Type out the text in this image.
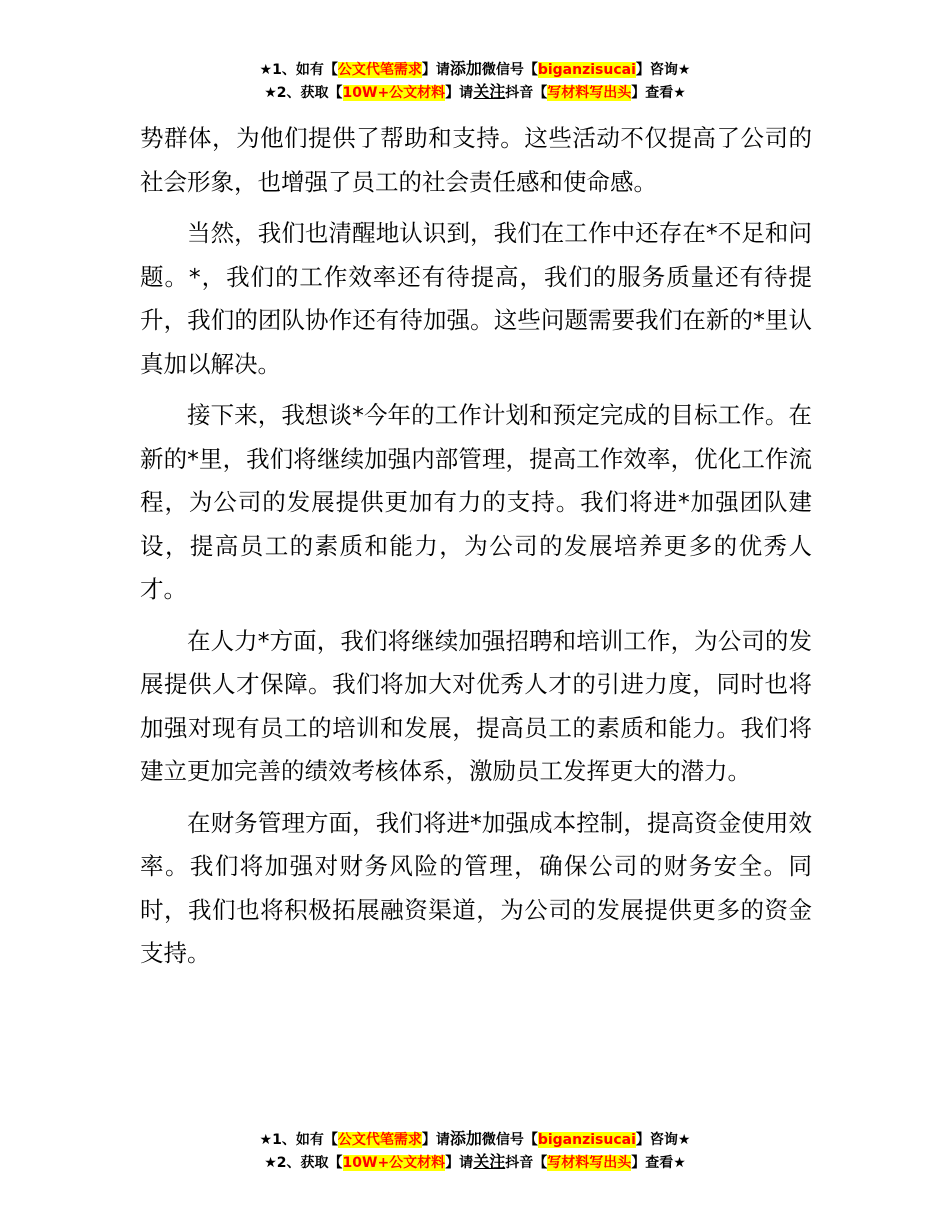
★1、如有【公文代笔需求】请添加微信号【biganzisucai】咨询★
★2、获取【10W+公文材料】请关注抖音【写材料写出头】查看★

势群体，为他们提供了帮助和支持。这些活动不仅提高了公司的社会形象，也增强了员工的社会责任感和使命感。

当然，我们也清醒地认识到，我们在工作中还存在*不足和问题。*，我们的工作效率还有待提高，我们的服务质量还有待提升，我们的团队协作还有待加强。这些问题需要我们在新的*里认真加以解决。

接下来，我想谈*今年的工作计划和预定完成的目标工作。在新的*里，我们将继续加强内部管理，提高工作效率，优化工作流程，为公司的发展提供更加有力的支持。我们将进*加强团队建设，提高员工的素质和能力，为公司的发展培养更多的优秀人才。

在人力*方面，我们将继续加强招聘和培训工作，为公司的发展提供人才保障。我们将加大对优秀人才的引进力度，同时也将加强对现有员工的培训和发展，提高员工的素质和能力。我们将建立更加完善的绩效考核体系，激励员工发挥更大的潜力。

在财务管理方面，我们将进*加强成本控制，提高资金使用效率。我们将加强对财务风险的管理，确保公司的财务安全。同时，我们也将积极拓展融资渠道，为公司的发展提供更多的资金支持。

★1、如有【公文代笔需求】请添加微信号【biganzisucai】咨询★
★2、获取【10W+公文材料】请关注抖音【写材料写出头】查看★
